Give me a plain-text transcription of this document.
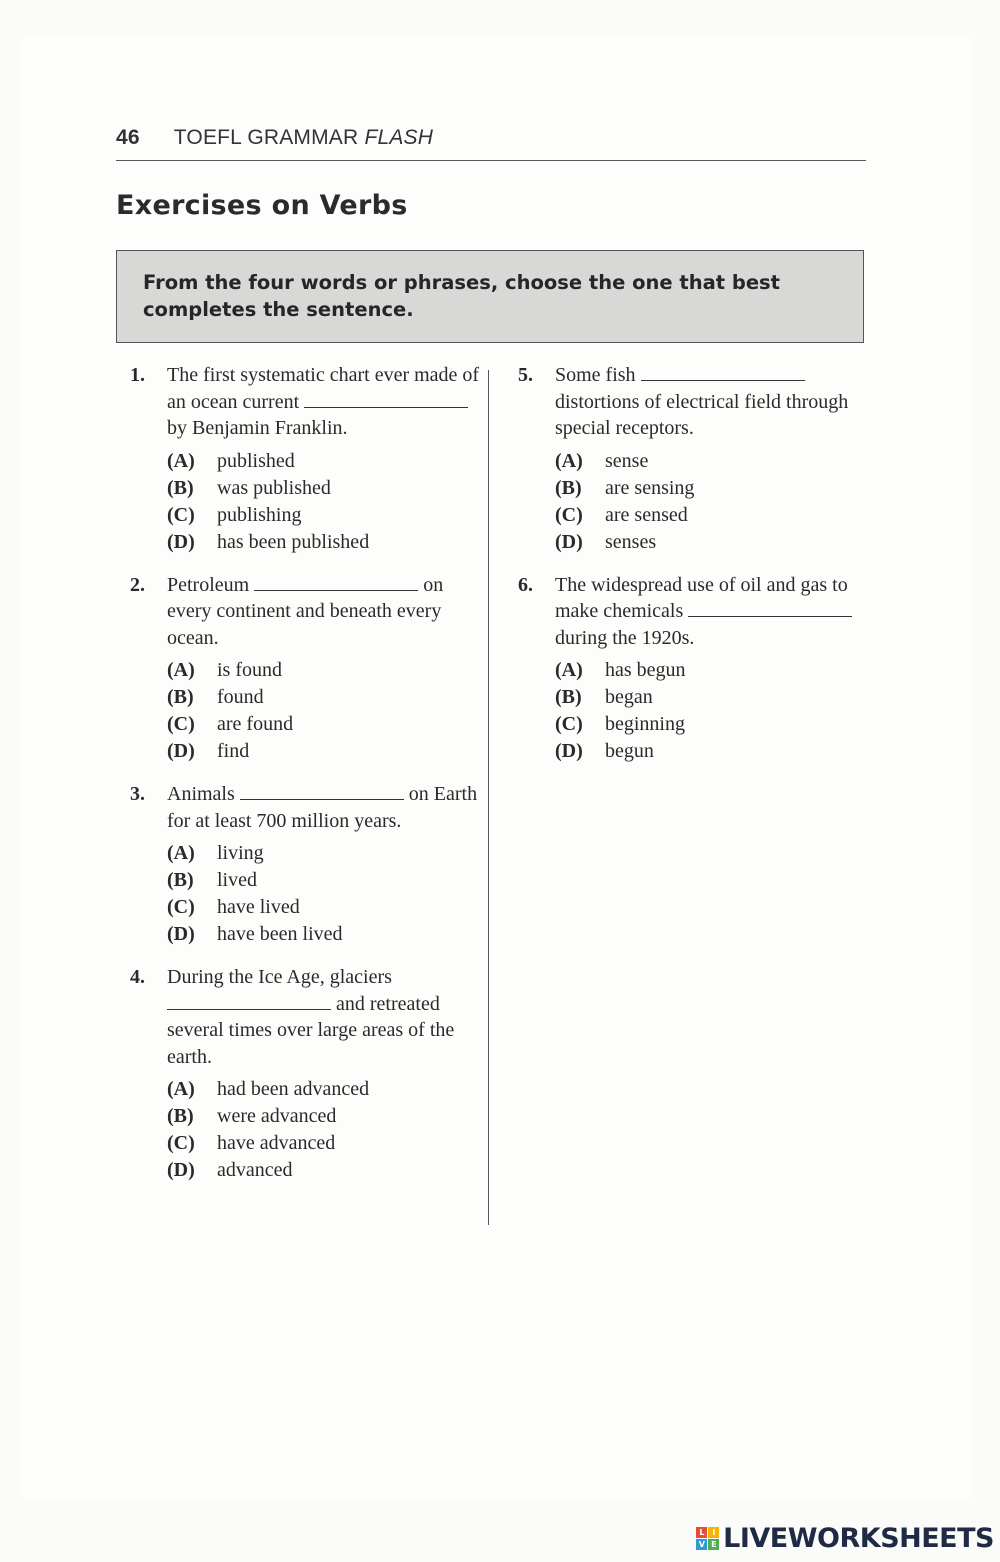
46 TOEFL GRAMMAR FLASH
Exercises on Verbs
From the four words or phrases, choose the one that best completes the sentence.
1. The first systematic chart ever made of an ocean current  by Benjamin Franklin.
(A) published
(B) was published
(C) publishing
(D) has been published
2. Petroleum	on every continent and beneath every ocean.
(A) is found
(B) found
(C) are found
(D) find
3. Animals	on Earth for at least 700 million years.
(A) living
(B) lived
(C) have lived
(D) have been lived
4. During the Ice Age, glaciers  and retreated several times over large areas of the earth.
(A) had been advanced
(B) were advanced
(C) have advanced
(D) advanced
5. Some fish  distortions of electrical field through special receptors.
(A) sense
(B) are sensing
(C) are sensed
(D) senses
6. The widespread use of oil and gas to make chemicals  during the 1920s.
(A) has begun
(B) began
(C) beginning
(D) begun
L	I
V E LIVEWORKSHEETS
